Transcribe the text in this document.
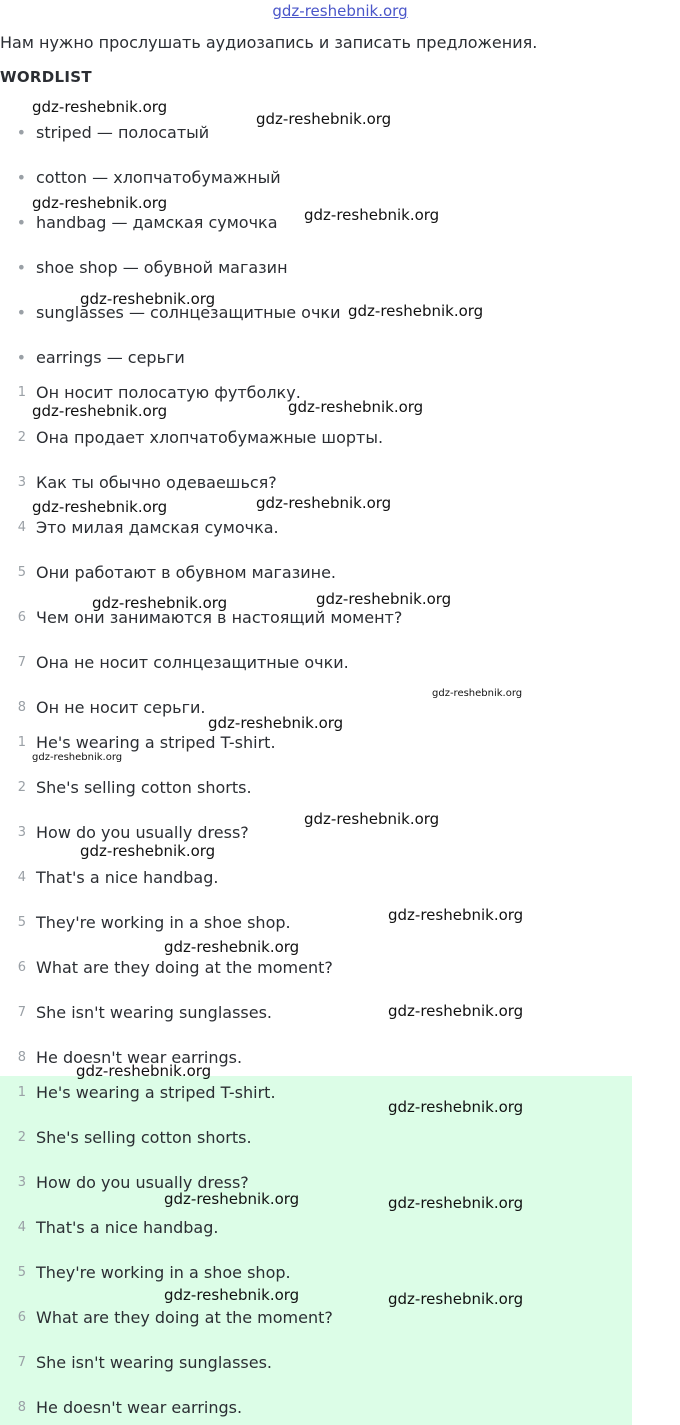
gdz-reshebnik.org
Нам нужно прослушать аудиозапись и записать предложения.
WORDLIST
• striped — полосатый
• cotton — хлопчатобумажный
• handbag — дамская сумочка
• shoe shop — обувной магазин
• sunglasses — солнцезащитные очки
• earrings — серьги
1 Он носит полосатую футболку.
2 Она продает хлопчатобумажные шорты.
3 Как ты обычно одеваешься?
4 Это милая дамская сумочка.
5 Они работают в обувном магазине.
6 Чем они занимаются в настоящий момент?
7 Она не носит солнцезащитные очки.
8 Он не носит серьги.
1 He's wearing a striped T-shirt.
2 She's selling cotton shorts.
3 How do you usually dress?
4 That's a nice handbag.
5 They're working in a shoe shop.
6 What are they doing at the moment?
7 She isn't wearing sunglasses.
8 He doesn't wear earrings.
1 He's wearing a striped T-shirt.
2 She's selling cotton shorts.
3 How do you usually dress?
4 That's a nice handbag.
5 They're working in a shoe shop.
6 What are they doing at the moment?
7 She isn't wearing sunglasses.
8 He doesn't wear earrings.
gdz-reshebnik.org
gdz-reshebnik.org
gdz-reshebnik.org
gdz-reshebnik.org
gdz-reshebnik.org
gdz-reshebnik.org
gdz-reshebnik.org	gdz-reshebnik.org
gdz-reshebnik.org	gdz-reshebnik.org
gdz-reshebnik.org	gdz-reshebnik.org
gdz-reshebnik.org
gdz-reshebnik.org
gdz-reshebnik.org
gdz-reshebnik.org
gdz-reshebnik.org
gdz-reshebnik.org
gdz-reshebnik.org
gdz-reshebnik.org
gdz-reshebnik.org
gdz-reshebnik.org
gdz-reshebnik.org	gdz-reshebnik.org
gdz-reshebnik.org	gdz-reshebnik.org
